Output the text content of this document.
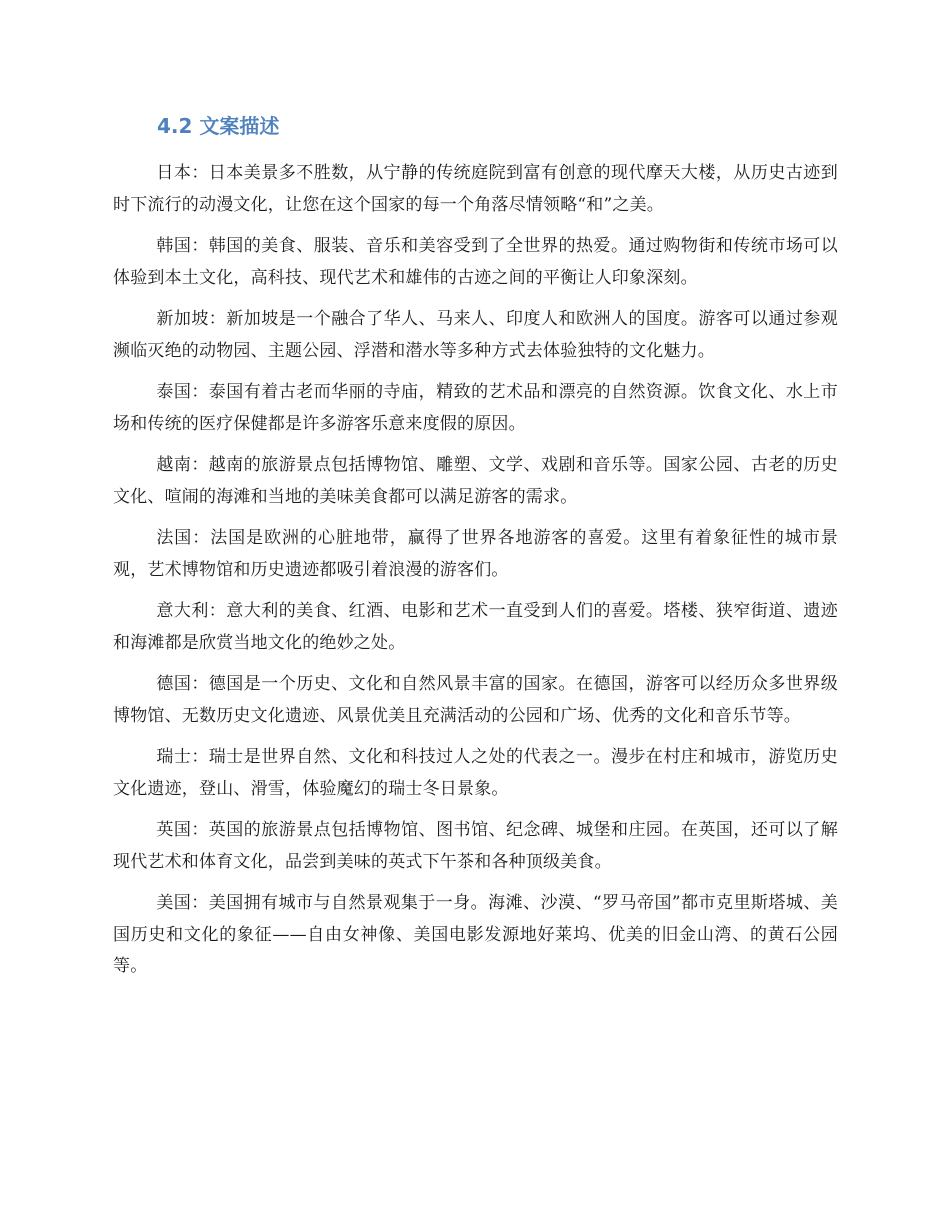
4.2 文案描述

日本：日本美景多不胜数，从宁静的传统庭院到富有创意的现代摩天大楼，从历史古迹到时下流行的动漫文化，让您在这个国家的每一个角落尽情领略“和”之美。

韩国：韩国的美食、服装、音乐和美容受到了全世界的热爱。通过购物街和传统市场可以体验到本土文化，高科技、现代艺术和雄伟的古迹之间的平衡让人印象深刻。

新加坡：新加坡是一个融合了华人、马来人、印度人和欧洲人的国度。游客可以通过参观濒临灭绝的动物园、主题公园、浮潜和潜水等多种方式去体验独特的文化魅力。

泰国：泰国有着古老而华丽的寺庙，精致的艺术品和漂亮的自然资源。饮食文化、水上市场和传统的医疗保健都是许多游客乐意来度假的原因。

越南：越南的旅游景点包括博物馆、雕塑、文学、戏剧和音乐等。国家公园、古老的历史文化、喧闹的海滩和当地的美味美食都可以满足游客的需求。

法国：法国是欧洲的心脏地带，赢得了世界各地游客的喜爱。这里有着象征性的城市景观，艺术博物馆和历史遗迹都吸引着浪漫的游客们。

意大利：意大利的美食、红酒、电影和艺术一直受到人们的喜爱。塔楼、狭窄街道、遗迹和海滩都是欣赏当地文化的绝妙之处。

德国：德国是一个历史、文化和自然风景丰富的国家。在德国，游客可以经历众多世界级博物馆、无数历史文化遗迹、风景优美且充满活动的公园和广场、优秀的文化和音乐节等。

瑞士：瑞士是世界自然、文化和科技过人之处的代表之一。漫步在村庄和城市，游览历史文化遗迹，登山、滑雪，体验魔幻的瑞士冬日景象。

英国：英国的旅游景点包括博物馆、图书馆、纪念碑、城堡和庄园。在英国，还可以了解现代艺术和体育文化，品尝到美味的英式下午茶和各种顶级美食。

美国：美国拥有城市与自然景观集于一身。海滩、沙漠、“罗马帝国”都市克里斯塔城、美国历史和文化的象征——自由女神像、美国电影发源地好莱坞、优美的旧金山湾、的黄石公园等。
